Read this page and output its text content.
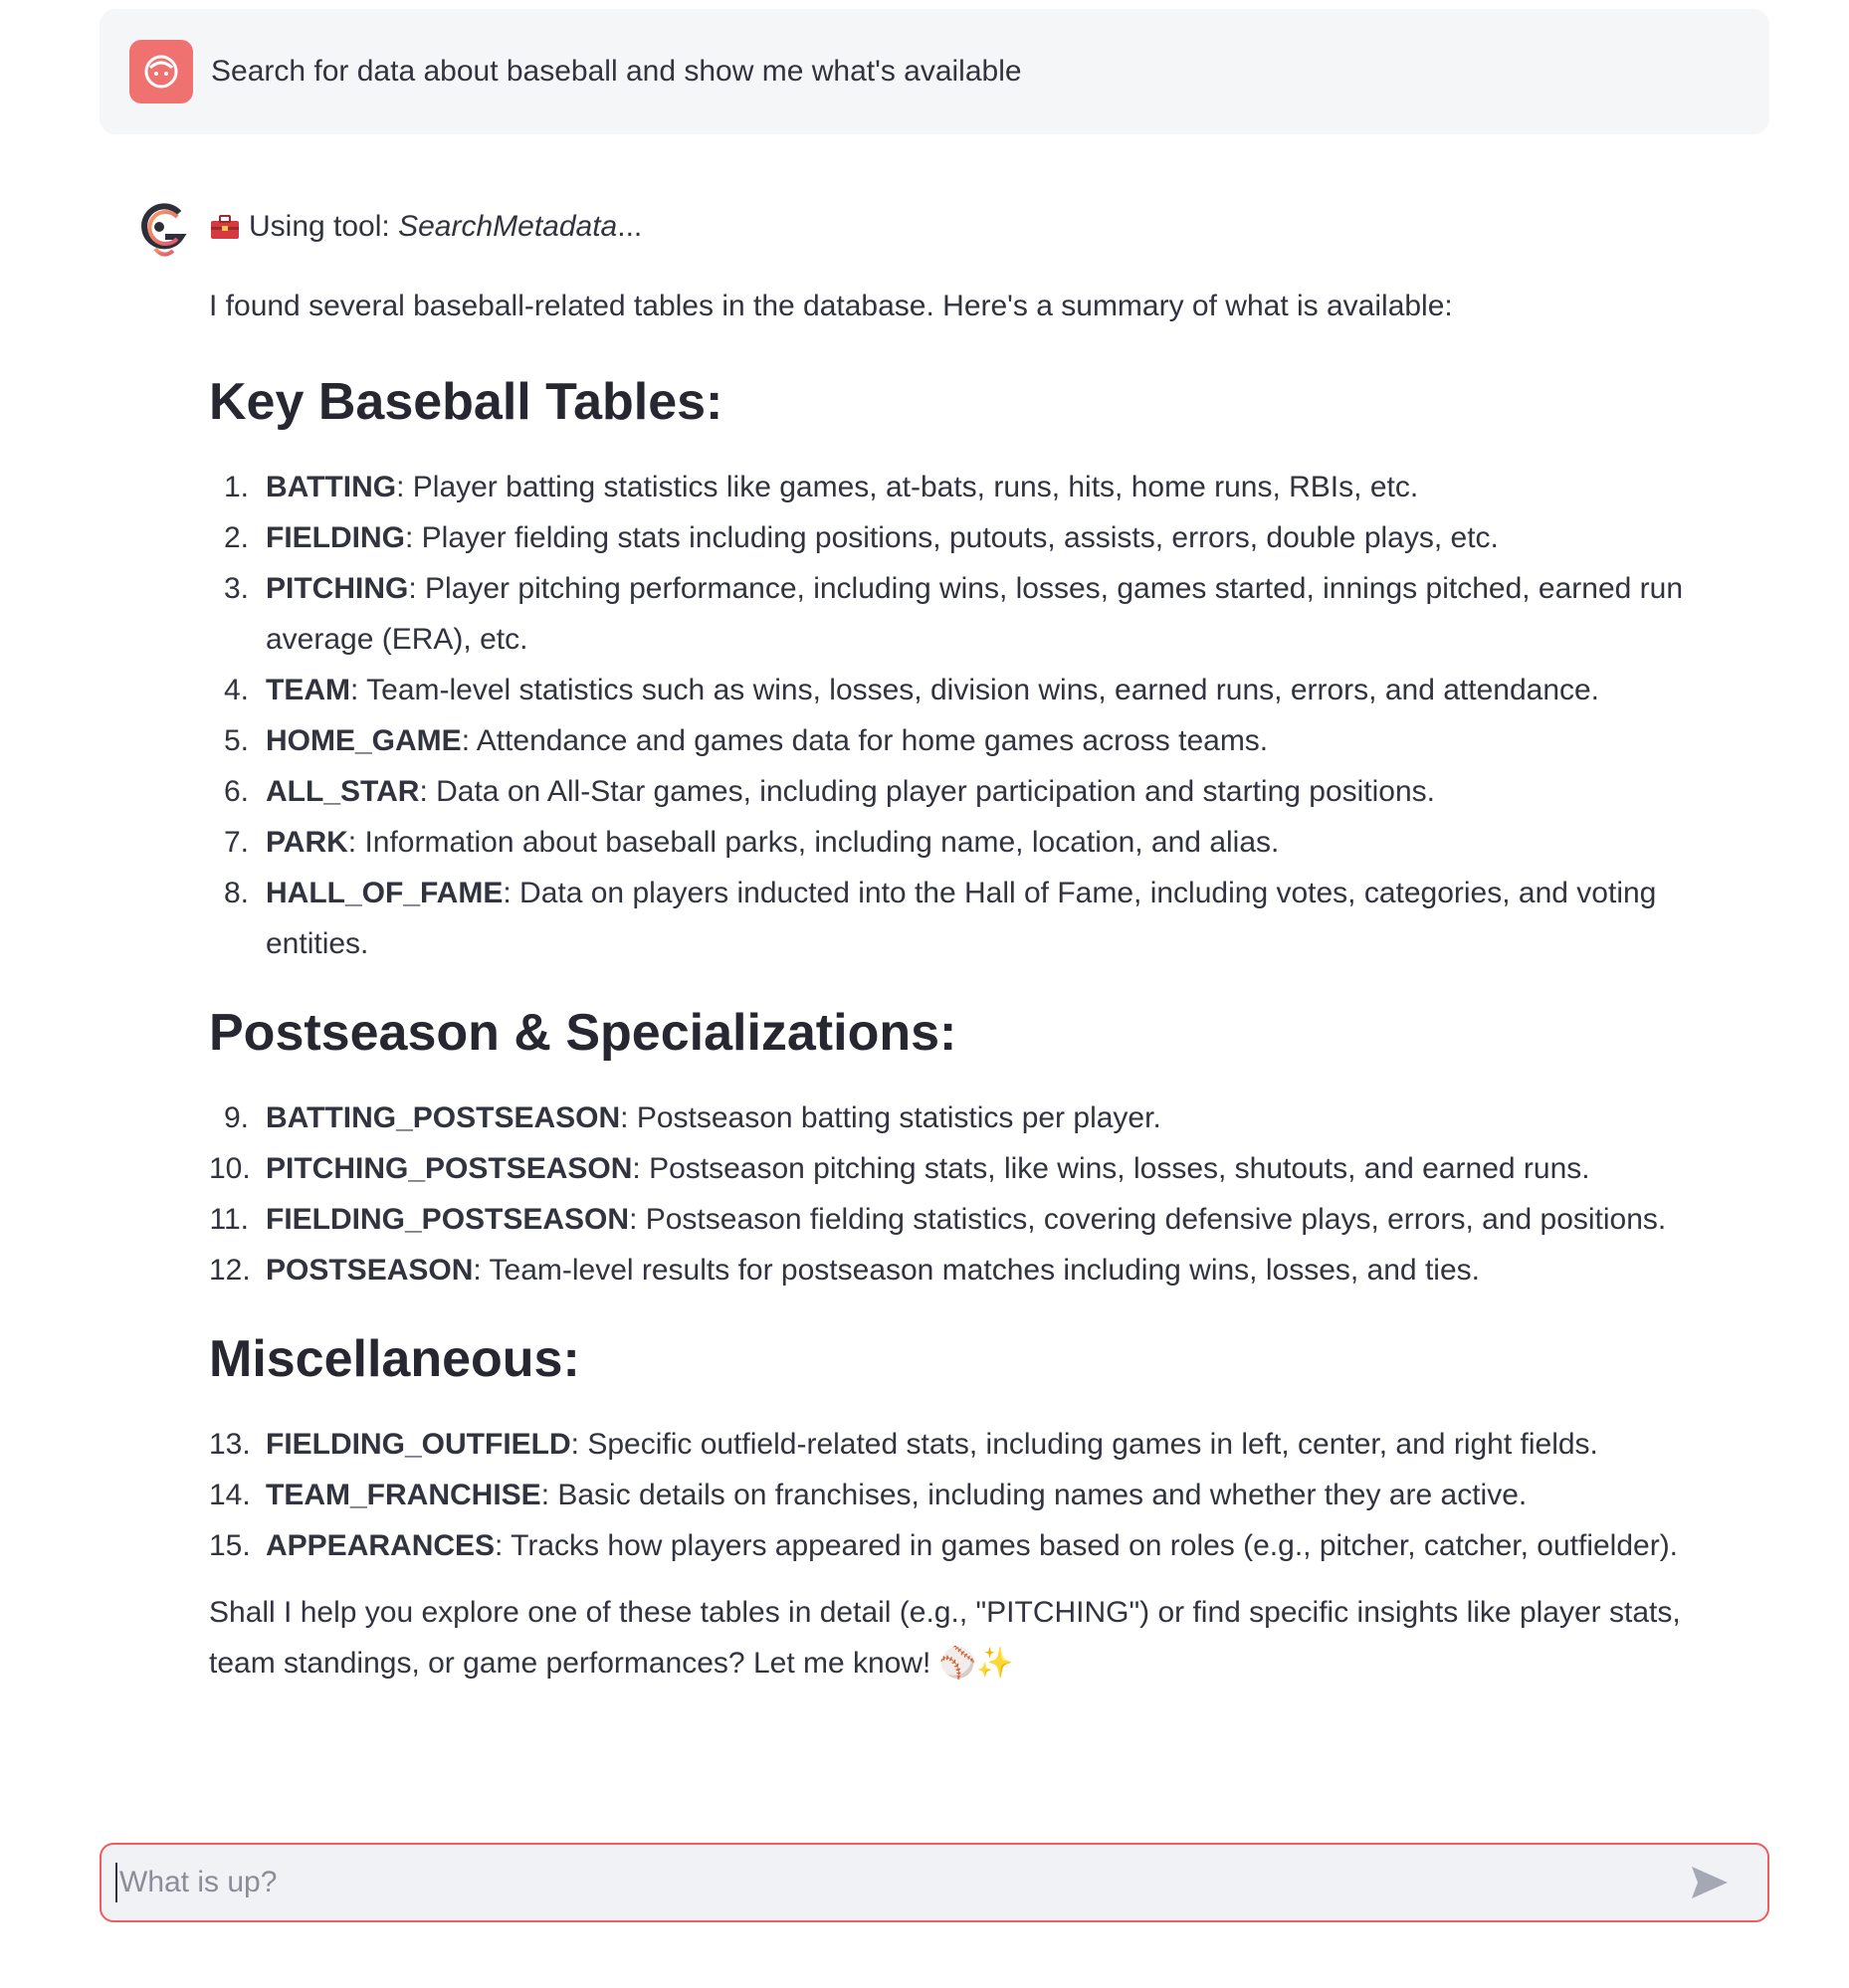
Search for data about baseball and show me what's available
Using tool:
SearchMetadata ...

I found several baseball-related tables in the database. Here's a summary of what is available:

Key Baseball Tables:
1. BATTING: Player batting statistics like games, at-bats, runs, hits, home runs, RBIs, etc.
2. FIELDING: Player fielding stats including positions, putouts, assists, errors, double plays, etc.
3. PITCHING: Player pitching performance, including wins, losses, games started, innings pitched, earned run average (ERA), etc.
4. TEAM: Team-level statistics such as wins, losses, division wins, earned runs, errors, and attendance.
5. HOME_GAME: Attendance and games data for home games across teams.
6. ALL_STAR: Data on All-Star games, including player participation and starting positions.
7. PARK: Information about baseball parks, including name, location, and alias.
8. HALL_OF_FAME: Data on players inducted into the Hall of Fame, including votes, categories, and voting entities.
Postseason & Specializations:
9. BATTING_POSTSEASON: Postseason batting statistics per player.
10. PITCHING_POSTSEASON: Postseason pitching stats, like wins, losses, shutouts, and earned runs.
11. FIELDING_POSTSEASON: Postseason fielding statistics, covering defensive plays, errors, and positions.
12. POSTSEASON: Team-level results for postseason matches including wins, losses, and ties.
Miscellaneous:
13. FIELDING_OUTFIELD: Specific outfield-related stats, including games in left, center, and right fields.
14. TEAM_FRANCHISE: Basic details on franchises, including names and whether they are active.
15. APPEARANCES: Tracks how players appeared in games based on roles (e.g., pitcher, catcher, outfielder).

Shall I help you explore one of these tables in detail (e.g., "PITCHING") or find specific insights like player stats, team standings, or game performances? Let me know! ⚾✨

What is up?
